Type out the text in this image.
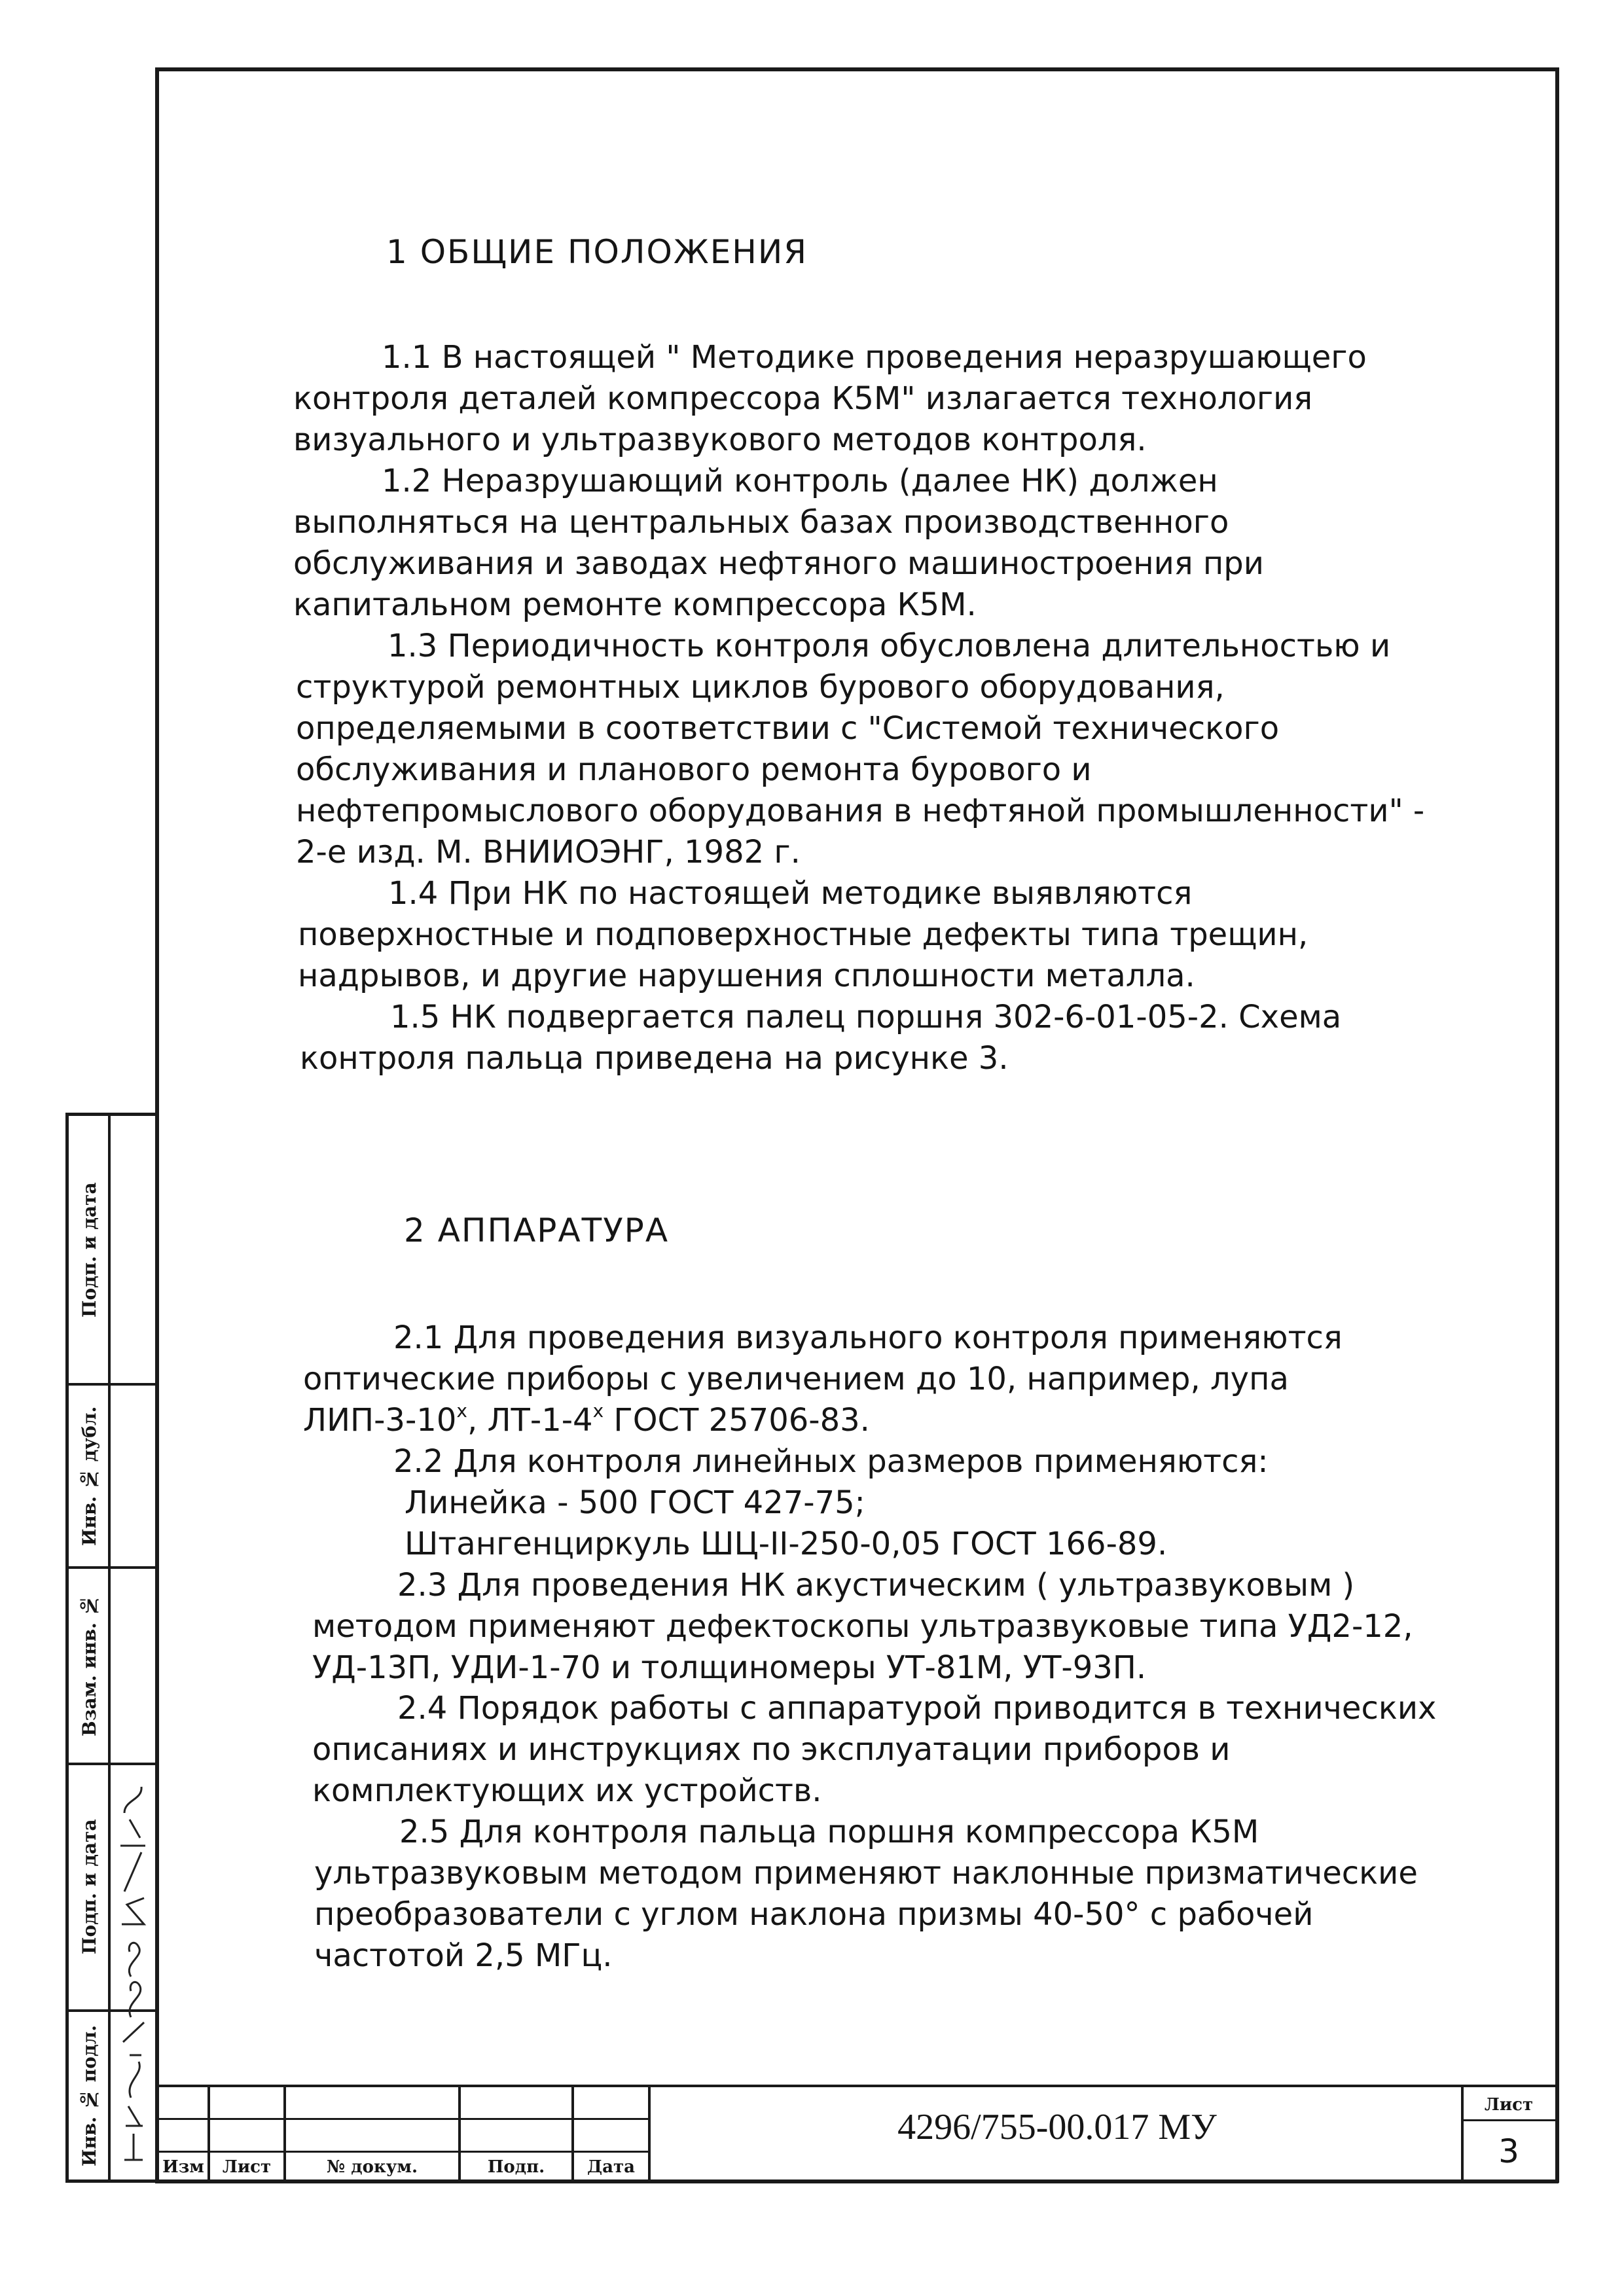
1 ОБЩИЕ ПОЛОЖЕНИЯ
1.1 В настоящей " Методике проведения неразрушающего
контроля деталей компрессора К5М" излагается технология
визуального и ультразвукового методов контроля.
1.2 Неразрушающий контроль (далее НК) должен
выполняться на центральных базах производственного
обслуживания и заводах нефтяного машиностроения при
капитальном ремонте компрессора К5М.
1.3 Периодичность контроля обусловлена длительностью и
структурой ремонтных циклов бурового оборудования,
определяемыми в соответствии с "Системой технического
обслуживания и планового ремонта бурового и
нефтепромыслового оборудования в нефтяной промышленности" -
2-е изд. М. ВНИИОЭНГ, 1982 г.
1.4 При НК по настоящей методике выявляются
поверхностные и подповерхностные дефекты типа трещин,
надрывов, и другие нарушения сплошности металла.
1.5 НК подвергается палец поршня 302-6-01-05-2. Схема
контроля пальца приведена на рисунке 3.
2 АППАРАТУРА
2.1 Для проведения визуального контроля применяются
оптические приборы с увеличением до 10, например, лупа
ЛИП-$3-10^х$, $ЛТ-1-4^х$ ГОСТ 25706-83.
2.2 Для контроля линейных размеров применяются:
Линейка - 500 ГОСТ 427-75;
Штангенциркуль ШЦ-II-250-0,05 ГОСТ 166-89.
2.3 Для проведения НК акустическим ( ультразвуковым )
методом применяют дефектоскопы ультразвуковые типа УД2-12,
УД-13П, УДИ-1-70 и толщиномеры УТ-81М, УТ-93П.
2.4 Порядок работы с аппаратурой приводится в технических
описаниях и инструкциях по эксплуатации приборов и
комплектующих их устройств.
2.5 Для контроля пальца поршня компрессора К5М
ультразвуковым методом применяют наклонные призматические
преобразователи с углом наклона призмы 40-50° с рабочей
частотой 2,5 МГц.
Подп. и дата
Инв. № дубл.
Взам. инв. №
Подп. и дата
Инв. № подл.
Изм	Лист	№ докум.	Подп.	Дата
4296/755-00.017 МУ
Лист
3
